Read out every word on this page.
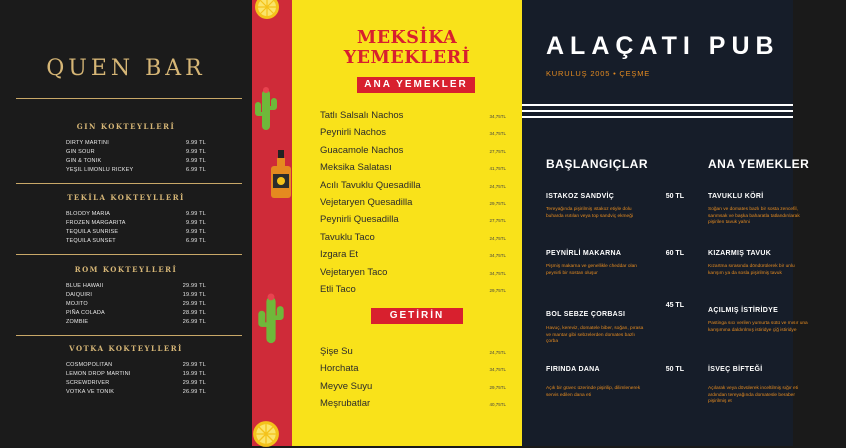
QUEN BAR
GIN KOKTEYLLERİ
DIRTY MARTINI	9.99 TL
GIN SOUR	9.99 TL
GIN & TONIK	9.99 TL
YEŞIL LIMONLU RICKEY	6.99 TL
TEKİLA KOKTEYLLERİ
BLOODY MARIA	9.99 TL
FROZEN MARGARITA	9.99 TL
TEQUILA SUNRISE	9.99 TL
TEQUILA SUNSET	6.99 TL
ROM KOKTEYLLERİ
BLUE HAWAII	29.99 TL
DAIQUIRI	19.99 TL
MOJITO	29.99 TL
PIÑA COLADA	28.99 TL
ZOMBIE	26.99 TL
VOTKA KOKTEYLLERİ
COSMOPOLITAN	29.99 TL
LEMON DROP MARTINI	19.99 TL
SCREWDRIVER	29.99 TL
VOTKA VE TONIK	26.99 TL
MEKSİKA YEMEKLERİ
ANA YEMEKLER
Tatlı Salsalı Nachos	34,75TL
Peynirli Nachos	34,75TL
Guacamole Nachos	27,75TL
Meksika Salatası	41,75TL
Acılı Tavuklu Quesadilla	24,75TL
Vejetaryen Quesadilla	29,75TL
Peynirli Quesadilla	27,75TL
Tavuklu Taco	24,75TL
Izgara Et	34,75TL
Vejetaryen Taco	34,75TL
Etli Taco	29,75TL
GETİRİN
Şişe Su	24,75TL
Horchata	34,75TL
Meyve Suyu	29,75TL
Meşrubatlar	40,75TL
ALAÇATI PUB
KURULUŞ 2005 • ÇEŞME
BAŞLANGIÇLAR	ANA YEMEKLER
ISTAKOZ SANDVİÇ	50 TL
Tereyağında pişirilmiş ıstakoz etiyle dolu buharda ısıtılan veya top sandviç ekmeği
PEYNİRLİ MAKARNA	60 TL
Pişmiş makarna ve genellikle cheddar olan peynirli bir sostan oluşur
BOL SEBZE ÇORBASI
45 TL
Havuç, kereviz, domatele biber, soğan, pırasa ve mantar gibi sebzelerden domates bazlı çorba
FIRINDA DANA	50 TL
Açık bir güvec üzerinde pişirilip, dilimlenerek servis edilen dana eti
TAVUKLU KÖRİ
Soğan ve domates bazlı bir sosta zencefil, sarımsak ve başka baharatla tatlandırılarak pişirilen tavuk yahni
KIZARMIŞ TAVUK
Kızartma sırasında döndürülerek bir unlu karışım ya da sosla pişirilmiş tavuk
AÇILMIŞ İSTİRİDYE
Pastinga sıcı verilen yumurta sütü ve mısır una karışımına daldırılmış istiridye çiğ istiridye
İSVEÇ BİFTEĞİ
Açılarak veya dövülerek inceltilmiş sığır eti ardından tereyağında domatesle beraber pişirilmiş et
